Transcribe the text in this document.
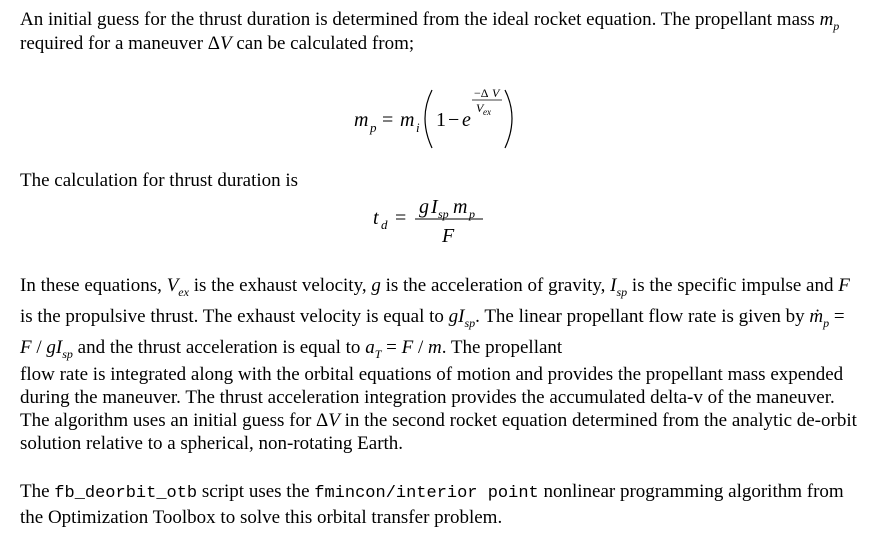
An initial guess for the thrust duration is determined from the ideal rocket equation. The propellant mass $m_p$ required for a maneuver ΔV can be calculated from;

m p = m i 1 − e
−Δ V
V ex

The calculation for thrust duration is

t d = g I sp m p
F
In these equations, $V_{ex}$ is the exhaust velocity, g is the acceleration of gravity, $I_{sp}$ is the specific impulse and F is the propulsive thrust. The exhaust velocity is equal to $gI_{sp}$. The linear propellant flow rate is given by ṁ$_p$ = F / $gI_{sp}$ and the thrust acceleration is equal to $a_T = F / m$. The propellant
flow rate is integrated along with the orbital equations of motion and provides the propellant mass expended during the maneuver. The thrust acceleration integration provides the accumulated delta-v of the maneuver. The algorithm uses an initial guess for ΔV in the second rocket equation determined from the analytic de-orbit solution relative to a spherical, non-rotating Earth.

The fb_deorbit_otb script uses the fmincon/interior point nonlinear programming algorithm from the Optimization Toolbox to solve this orbital transfer problem.
